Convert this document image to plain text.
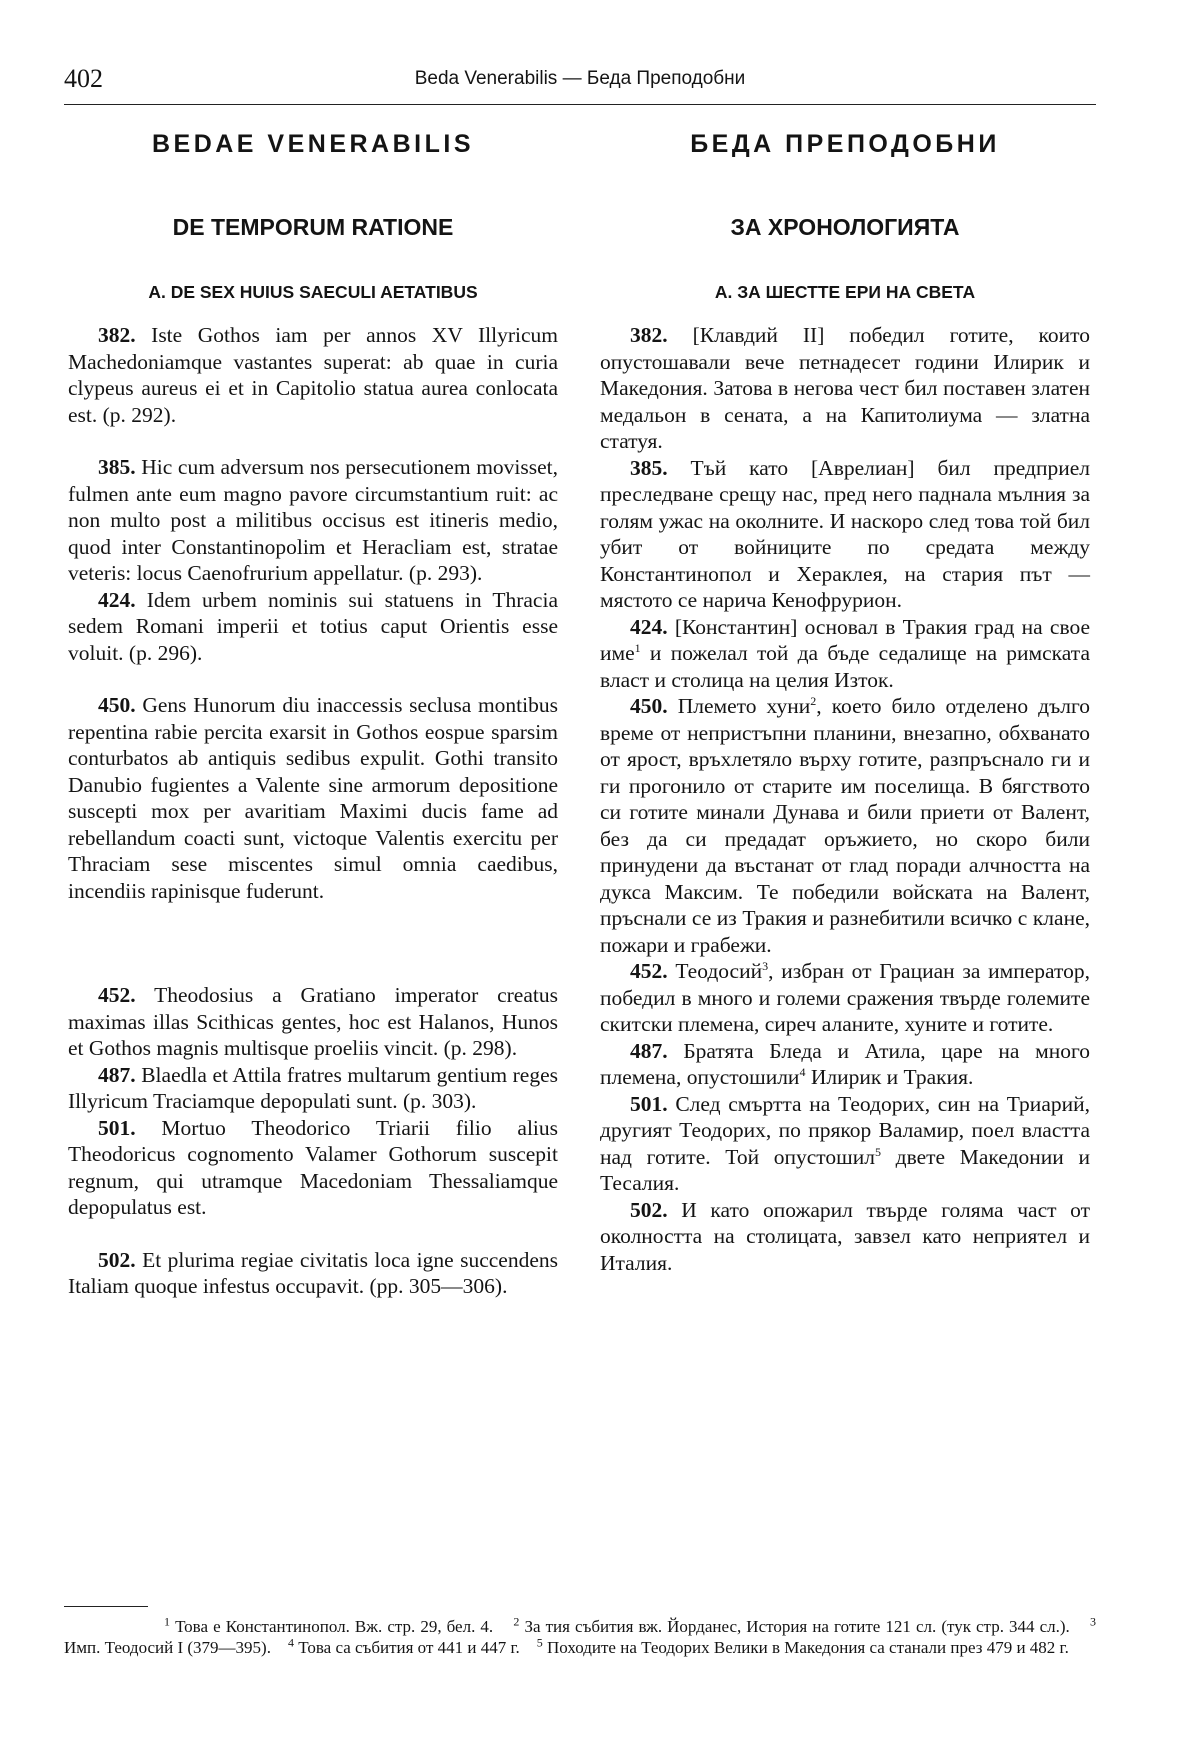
402	Beda Venerabilis — Беда Преподобни
BEDAE VENERABILIS
DE TEMPORUM RATIONE
A. DE SEX HUIUS SAECULI AETATIBUS

382. Iste Gothos iam per annos XV Illyricum Machedoniamque vastantes superat: ab quae in curia clypeus aureus ei et in Capitolio statua aurea conlocata est. (p. 292).

385. Hic cum adversum nos persecutionem movisset, fulmen ante eum magno pavore circumstantium ruit: ac non multo post a militibus occisus est itineris medio, quod inter Constantinopolim et Heracliam est, stratae veteris: locus Caenofrurium appellatur. (p. 293).

424. Idem urbem nominis sui statuens in Thracia sedem Romani imperii et totius caput Orientis esse voluit. (p. 296).

450. Gens Hunorum diu inaccessis seclusa montibus repentina rabie percita exarsit in Gothos eospue sparsim conturbatos ab antiquis sedibus expulit. Gothi transito Danubio fugientes a Valente sine armorum depositione suscepti mox per avaritiam Maximi ducis fame ad rebellandum coacti sunt, victoque Valentis exercitu per Thraciam sese miscentes simul omnia caedibus, incendiis rapinisque fuderunt.

452. Theodosius a Gratiano imperator creatus maximas illas Scithicas gentes, hoc est Halanos, Hunos et Gothos magnis multisque proeliis vincit. (p. 298).

487. Blaedla et Attila fratres multarum gentium reges Illyricum Traciamque depopulati sunt. (p. 303).

501. Mortuo Theodorico Triarii filio alius Theodoricus cognomento Valamer Gothorum suscepit regnum, qui utramque Macedoniam Thessaliamque depopulatus est.

502. Et plurima regiae civitatis loca igne succendens Italiam quoque infestus occupavit. (pp. 305—306).

БЕДА ПРЕПОДОБНИ
ЗА ХРОНОЛОГИЯТА
А. ЗА ШЕСТТЕ ЕРИ НА СВЕТА

382. [Клавдий II] победил готите, които опустошавали вече петнадесет години Илирик и Македония. Затова в негова чест бил поставен златен медальон в сената, а на Капитолиума — златна статуя.

385. Тъй като [Аврелиан] бил предприел преследване срещу нас, пред него паднала мълния за голям ужас на околните. И наскоро след това той бил убит от войниците по средата между Константинопол и Хераклея, на стария път — мястото се нарича Кенофрурион.

424. [Константин] основал в Тракия град на свое име$^1$ и пожелал той да бъде седалище на римската власт и столица на целия Изток.

450. Племето хуни$^2$, което било отделено дълго време от непристъпни планини, внезапно, обхванато от ярост, връхлетяло върху готите, разпръснало ги и ги прогонило от старите им поселища. В бягството си готите минали Дунава и били приети от Валент, без да си предадат оръжието, но скоро били принудени да въстанат от глад поради алчността на дукса Максим. Те победили войската на Валент, пръснали се из Тракия и разнебитили всичко с клане, пожари и грабежи.

452. Теодосий$^3$, избран от Грациан за император, победил в много и големи сражения твърде големите скитски племена, сиреч аланите, хуните и готите.

487. Братята Бледа и Атила, царе на много племена, опустошили$^4$ Илирик и Тракия.

501. След смъртта на Теодорих, син на Триарий, другият Теодорих, по прякор Валамир, поел властта над готите. Той опустошил$^5$ двете Македонии и Тесалия.

502. И като опожарил твърде голяма част от околността на столицата, завзел като неприятел и Италия.

$^1$ Това е Константинопол. Вж. стр. 29, бел. 4. $^2$ За тия събития вж. Йорданес, История на готите 121 сл. (тук стр. 344 сл.). $^3$ Имп. Теодосий I (379—395). $^4$ Това са събития от 441 и 447 г. $^5$ Походите на Теодорих Велики в Македония са станали през 479 и 482 г.
